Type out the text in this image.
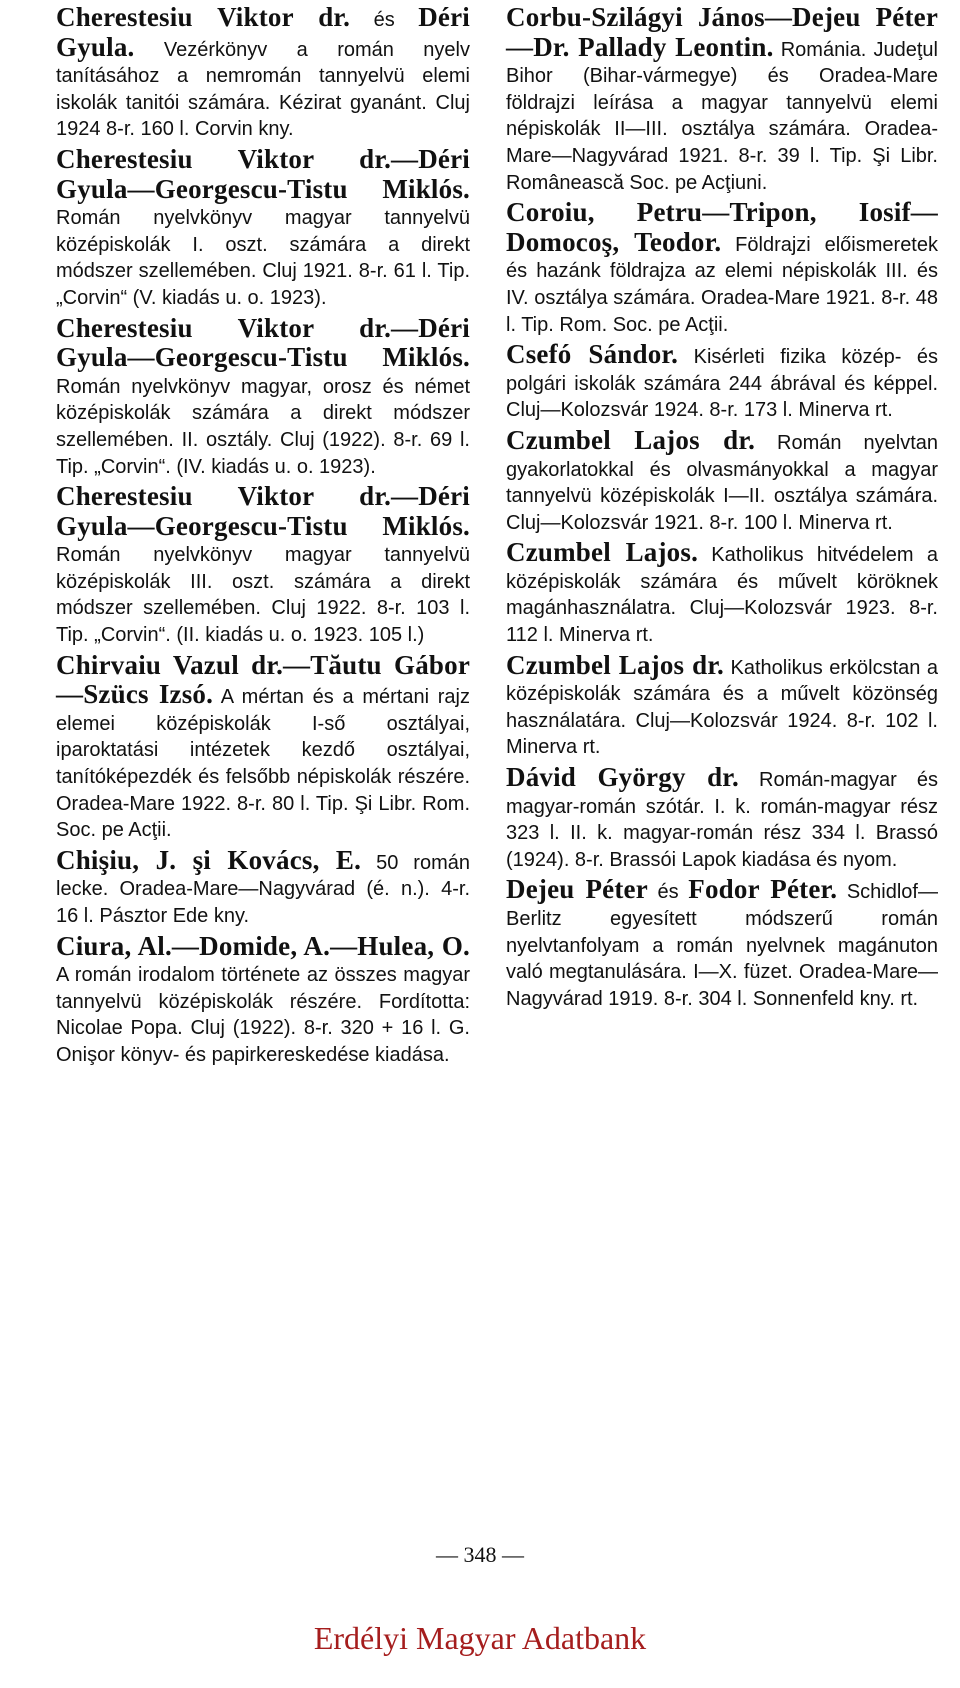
Cherestesiu Viktor dr. és Déri Gyula. Vezérkönyv a román nyelv tanításához a nemromán tannyelvü elemi iskolák tanitói számára. Kézirat gyanánt. Cluj 1924 8-r. 160 l. Corvin kny.

Cherestesiu Viktor dr.—Déri Gyula—Georgescu-Tistu Miklós. Román nyelvkönyv magyar tannyelvü középiskolák I. oszt. számára a direkt módszer szellemében. Cluj 1921. 8-r. 61 l. Tip. „Corvin“ (V. kiadás u. o. 1923).

Cherestesiu Viktor dr.—Déri Gyula—Georgescu-Tistu Miklós. Román nyelvkönyv magyar, orosz és német középiskolák számára a direkt módszer szellemében. II. osztály. Cluj (1922). 8-r. 69 l. Tip. „Corvin“. (IV. kiadás u. o. 1923).

Cherestesiu Viktor dr.—Déri Gyula—Georgescu-Tistu Miklós. Román nyelvkönyv magyar tannyelvü középiskolák III. oszt. számára a direkt módszer szellemében. Cluj 1922. 8-r. 103 l. Tip. „Corvin“. (II. kiadás u. o. 1923. 105 l.)

Chirvaiu Vazul dr.—Tăutu Gábor—Szücs Izsó. A mértan és a mértani rajz elemei középiskolák I-ső osztályai, iparoktatási intézetek kezdő osztályai, tanítóképezdék és felsőbb népiskolák részére. Oradea-Mare 1922. 8-r. 80 l. Tip. Şi Libr. Rom. Soc. pe Acţii.

Chişiu, J. şi Kovács, E. 50 román lecke. Oradea-Mare—Nagyvárad (é. n.). 4-r. 16 l. Pásztor Ede kny.

Ciura, Al.—Domide, A.—Hulea, O. A román irodalom története az összes magyar tannyelvü középiskolák részére. Fordította: Nicolae Popa. Cluj (1922). 8-r. 320 + 16 l. G. Onişor könyv- és papirkereskedése kiadása.

Corbu-Szilágyi János—Dejeu Péter—Dr. Pallady Leontin. Románia. Judeţul Bihor (Bihar-vármegye) és Oradea-Mare földrajzi leírása a magyar tannyelvü elemi népiskolák II—III. osztálya számára. Oradea-Mare—Nagyvárad 1921. 8-r. 39 l. Tip. Şi Libr. Românească Soc. pe Acţiuni.

Coroiu, Petru—Tripon, Iosif—Domocoş, Teodor. Földrajzi előismeretek és hazánk földrajza az elemi népiskolák III. és IV. osztálya számára. Oradea-Mare 1921. 8-r. 48 l. Tip. Rom. Soc. pe Acţii.

Csefó Sándor. Kisérleti fizika közép- és polgári iskolák számára 244 ábrával és képpel. Cluj—Kolozsvár 1924. 8-r. 173 l. Minerva rt.

Czumbel Lajos dr. Román nyelvtan gyakorlatokkal és olvasmányokkal a magyar tannyelvü középiskolák I—II. osztálya számára. Cluj—Kolozsvár 1921. 8-r. 100 l. Minerva rt.

Czumbel Lajos. Katholikus hitvédelem a középiskolák számára és művelt köröknek magánhasználatra. Cluj—Kolozsvár 1923. 8-r. 112 l. Minerva rt.

Czumbel Lajos dr. Katholikus erkölcstan a középiskolák számára és a művelt közönség használatára. Cluj—Kolozsvár 1924. 8-r. 102 l. Minerva rt.

Dávid György dr. Román-magyar és magyar-román szótár. I. k. román-magyar rész 323 l. II. k. magyar-román rész 334 l. Brassó (1924). 8-r. Brassói Lapok kiadása és nyom.

Dejeu Péter és Fodor Péter. Schidlof—Berlitz egyesített módszerű román nyelvtanfolyam a román nyelvnek magánuton való megtanulására. I—X. füzet. Oradea-Mare—Nagyvárad 1919. 8-r. 304 l. Sonnenfeld kny. rt.

— 348 —
Erdélyi Magyar Adatbank
